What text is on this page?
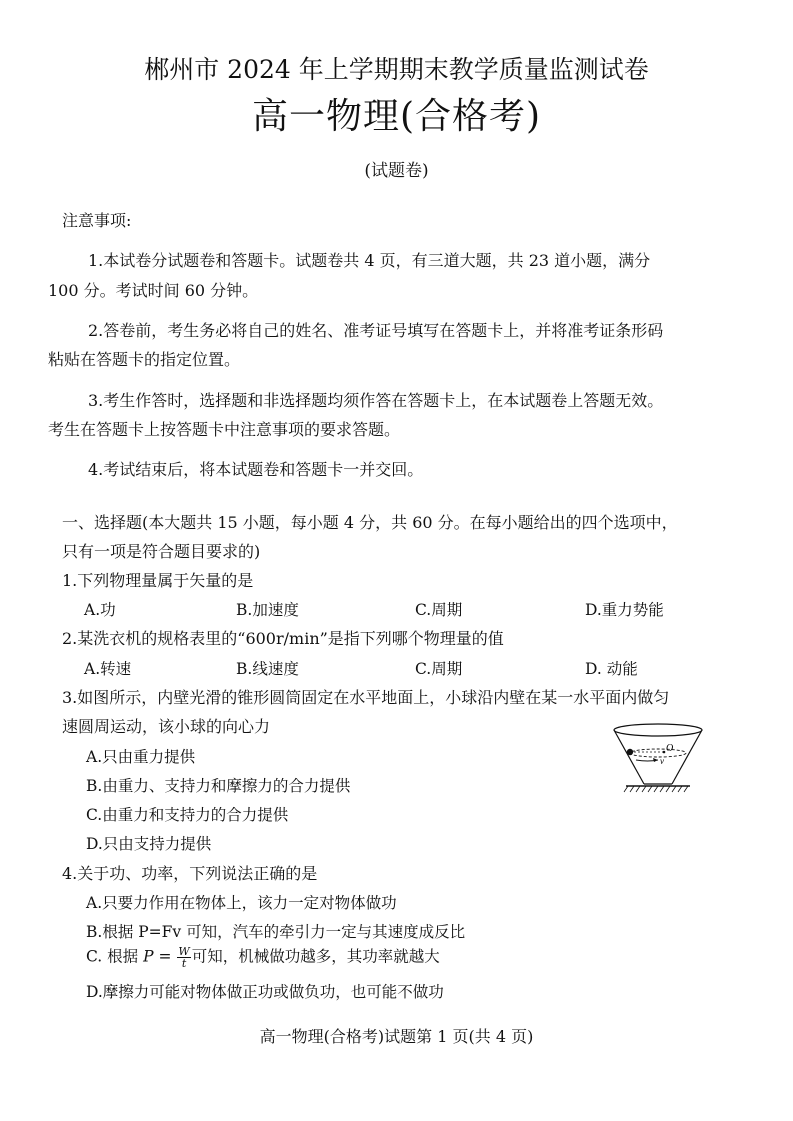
郴州市 2024 年上学期期末教学质量监测试卷
高一物理(合格考)
(试题卷)
注意事项:
1.本试卷分试题卷和答题卡。试题卷共 4 页，有三道大题，共 23 道小题，满分
100 分。考试时间 60 分钟。
2.答卷前，考生务必将自己的姓名、准考证号填写在答题卡上，并将准考证条形码
粘贴在答题卡的指定位置。
3.考生作答时，选择题和非选择题均须作答在答题卡上，在本试题卷上答题无效。
考生在答题卡上按答题卡中注意事项的要求答题。
4.考试结束后，将本试题卷和答题卡一并交回。
一、选择题(本大题共 15 小题，每小题 4 分，共 60 分。在每小题给出的四个选项中，
只有一项是符合题目要求的)
1.下列物理量属于矢量的是
A.功	B.加速度	C.周期	D.重力势能
2.某洗衣机的规格表里的“600r/min”是指下列哪个物理量的值
A.转速	B.线速度	C.周期	D. 动能
3.如图所示，内壁光滑的锥形圆筒固定在水平地面上，小球沿内壁在某一水平面内做匀
速圆周运动，该小球的向心力
A.只由重力提供
B.由重力、支持力和摩擦力的合力提供
C.由重力和支持力的合力提供
D.只由支持力提供
O
v
4.关于功、功率，下列说法正确的是
A.只要力作用在物体上，该力一定对物体做功
B.根据 P=Fv 可知，汽车的牵引力一定与其速度成反比
C. 根据 $P = \frac{W}{t}$ 可知，机械做功越多，其功率就越大
D.摩擦力可能对物体做正功或做负功，也可能不做功
高一物理(合格考)试题第 1 页(共 4 页)
